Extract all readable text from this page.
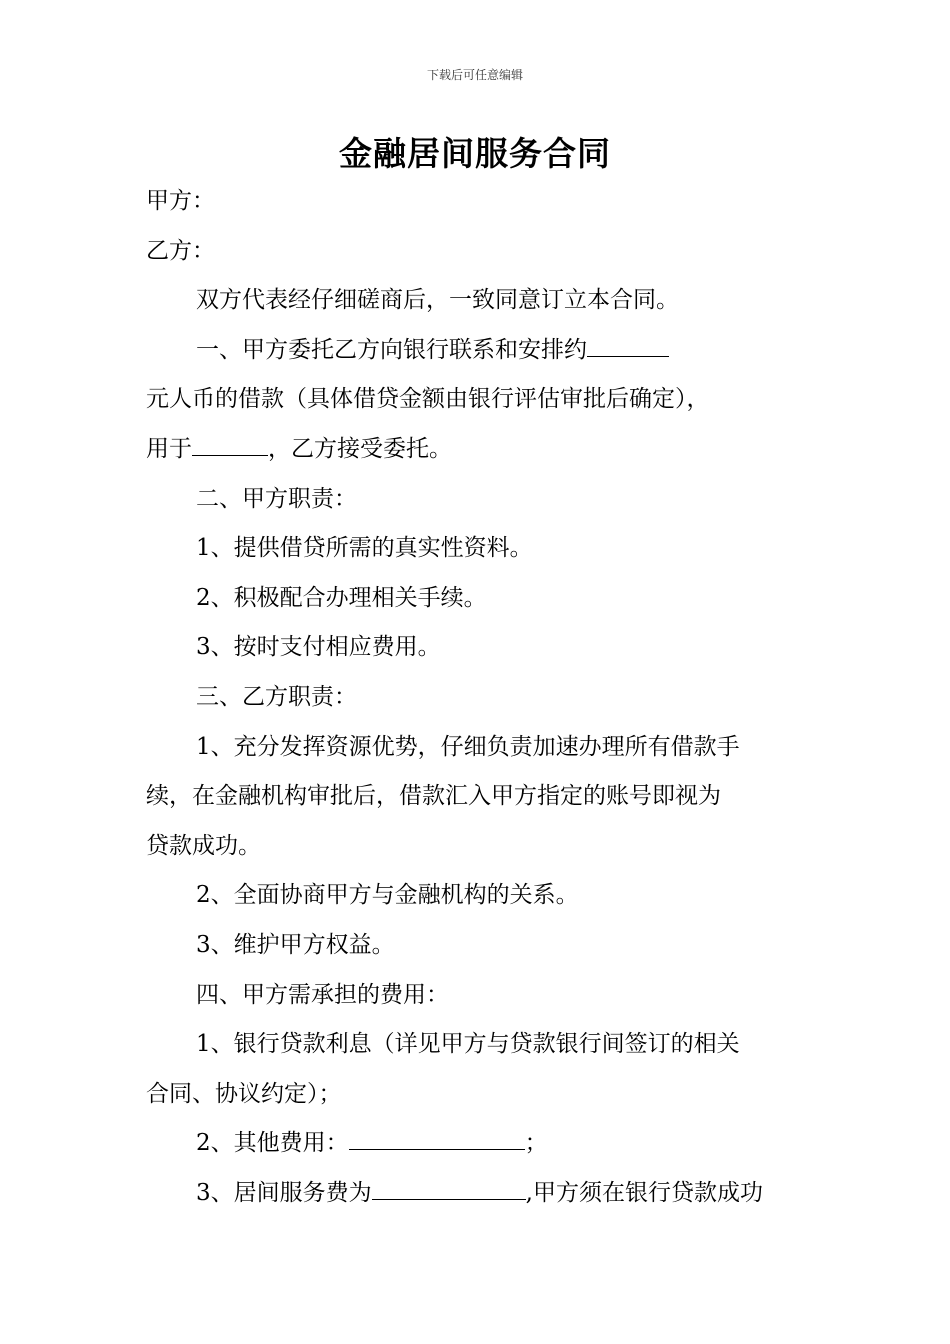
下载后可任意编辑
金融居间服务合同
甲方：
乙方：
双方代表经仔细磋商后，一致同意订立本合同。
一、甲方委托乙方向银行联系和安排约
元人币的借款（具体借贷金额由银行评估审批后确定），
用于	，乙方接受委托。
二、甲方职责：
1、提供借贷所需的真实性资料。
2、积极配合办理相关手续。
3、按时支付相应费用。
三、乙方职责：
1、充分发挥资源优势，仔细负责加速办理所有借款手
续，在金融机构审批后，借款汇入甲方指定的账号即视为
贷款成功。
2、全面协商甲方与金融机构的关系。
3、维护甲方权益。
四、甲方需承担的费用：
1、银行贷款利息（详见甲方与贷款银行间签订的相关
合同、协议约定）；
2、其他费用：	；
3、居间服务费为	,甲方须在银行贷款成功
